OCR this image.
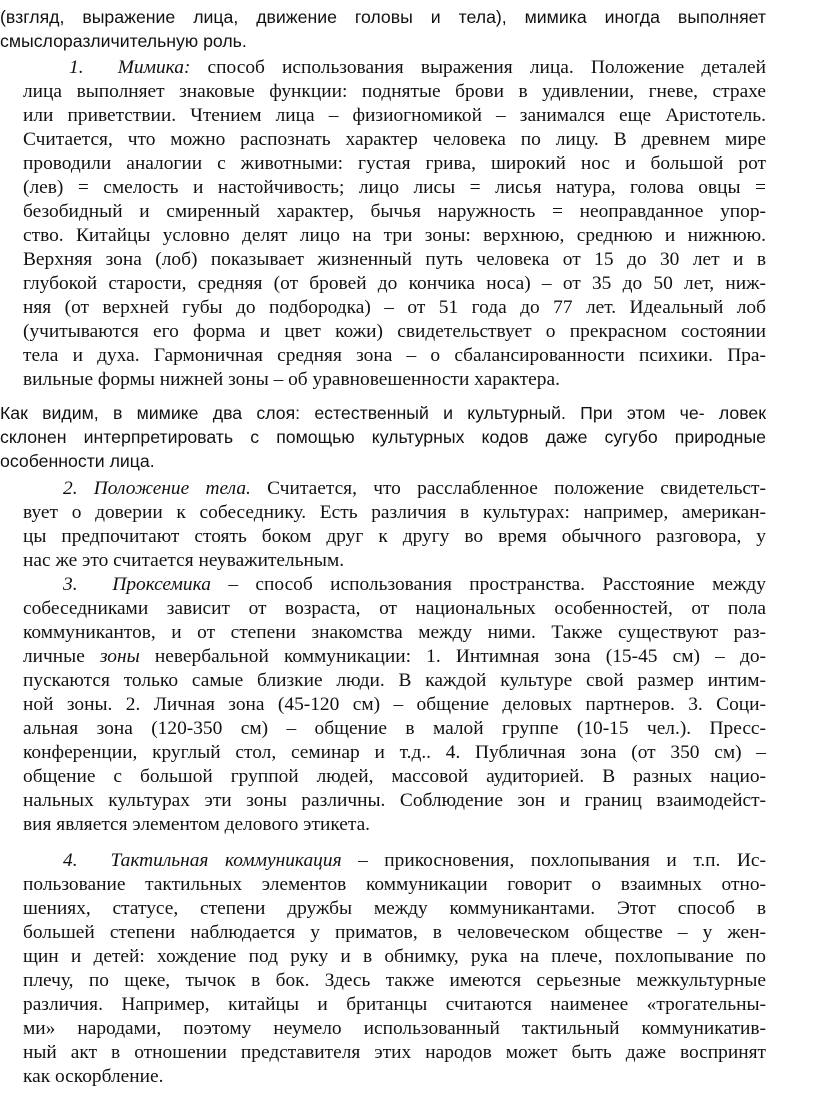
(взгляд, выражение лица, движение головы и тела), мимика иногда выполняет
смыслоразличительную роль.
1. Мимика: способ использования выражения лица. Положение деталей
лица выполняет знаковые функции: поднятые брови в удивлении, гневе, страхе
или приветствии. Чтением лица – физиогномикой – занимался еще Аристотель.
Считается, что можно распознать характер человека по лицу. В древнем мире
проводили аналогии с животными: густая грива, широкий нос и большой рот
(лев) = смелость и настойчивость; лицо лисы = лисья натура, голова овцы =
безобидный и смиренный характер, бычья наружность = неоправданное упор-
ство. Китайцы условно делят лицо на три зоны: верхнюю, среднюю и нижнюю.
Верхняя зона (лоб) показывает жизненный путь человека от 15 до 30 лет и в
глубокой старости, средняя (от бровей до кончика носа) – от 35 до 50 лет, ниж-
няя (от верхней губы до подбородка) – от 51 года до 77 лет. Идеальный лоб
(учитываются его форма и цвет кожи) свидетельствует о прекрасном состоянии
тела и духа. Гармоничная средняя зона – о сбалансированности психики. Пра-
вильные формы нижней зоны – об уравновешенности характера.
Как видим, в мимике два слоя: естественный и культурный. При этом че- ловек
склонен интерпретировать с помощью культурных кодов даже сугубо природные
особенности лица.
2. Положение тела. Считается, что расслабленное положение свидетельст-
вует о доверии к собеседнику. Есть различия в культурах: например, американ-
цы предпочитают стоять боком друг к другу во время обычного разговора, у
нас же это считается неуважительным.
3. Проксемика – способ использования пространства. Расстояние между
собеседниками зависит от возраста, от национальных особенностей, от пола
коммуникантов, и от степени знакомства между ними. Также существуют раз-
личные зоны невербальной коммуникации: 1. Интимная зона (15-45 см) – до-
пускаются только самые близкие люди. В каждой культуре свой размер интим-
ной зоны. 2. Личная зона (45-120 см) – общение деловых партнеров. 3. Соци-
альная зона (120-350 см) – общение в малой группе (10-15 чел.). Пресс-
конференции, круглый стол, семинар и т.д.. 4. Публичная зона (от 350 см) –
общение с большой группой людей, массовой аудиторией. В разных нацио-
нальных культурах эти зоны различны. Соблюдение зон и границ взаимодейст-
вия является элементом делового этикета.
4. Тактильная коммуникация – прикосновения, похлопывания и т.п. Ис-
пользование тактильных элементов коммуникации говорит о взаимных отно-
шениях, статусе, степени дружбы между коммуникантами. Этот способ в
большей степени наблюдается у приматов, в человеческом обществе – у жен-
щин и детей: хождение под руку и в обнимку, рука на плече, похлопывание по
плечу, по щеке, тычок в бок. Здесь также имеются серьезные межкультурные
различия. Например, китайцы и британцы считаются наименее «трогательны-
ми» народами, поэтому неумело использованный тактильный коммуникатив-
ный акт в отношении представителя этих народов может быть даже воспринят
как оскорбление.
